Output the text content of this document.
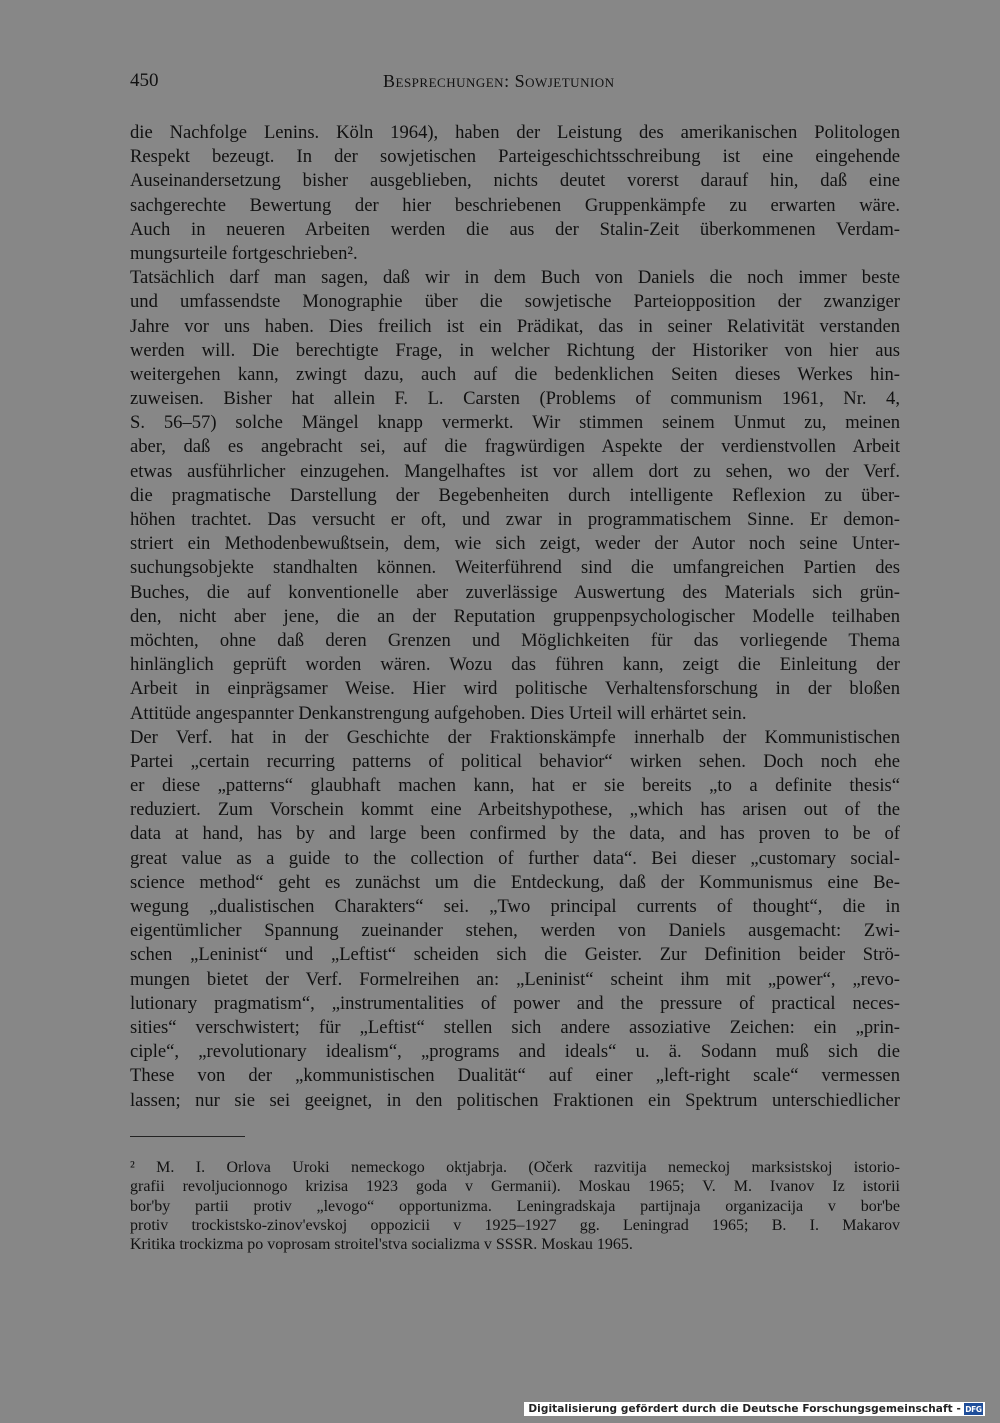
450	Besprechungen: Sowjetunion
die Nachfolge Lenins. Köln 1964), haben der Leistung des amerikanischen Politologen
Respekt bezeugt. In der sowjetischen Parteigeschichtsschreibung ist eine eingehende
Auseinandersetzung bisher ausgeblieben, nichts deutet vorerst darauf hin, daß eine
sachgerechte Bewertung der hier beschriebenen Gruppenkämpfe zu erwarten wäre.
Auch in neueren Arbeiten werden die aus der Stalin-Zeit überkommenen Verdam-
mungsurteile fortgeschrieben².
Tatsächlich darf man sagen, daß wir in dem Buch von Daniels die noch immer beste
und umfassendste Monographie über die sowjetische Parteiopposition der zwanziger
Jahre vor uns haben. Dies freilich ist ein Prädikat, das in seiner Relativität verstanden
werden will. Die berechtigte Frage, in welcher Richtung der Historiker von hier aus
weitergehen kann, zwingt dazu, auch auf die bedenklichen Seiten dieses Werkes hin-
zuweisen. Bisher hat allein F. L. Carsten (Problems of communism 1961, Nr. 4,
S. 56–57) solche Mängel knapp vermerkt. Wir stimmen seinem Unmut zu, meinen
aber, daß es angebracht sei, auf die fragwürdigen Aspekte der verdienstvollen Arbeit
etwas ausführlicher einzugehen. Mangelhaftes ist vor allem dort zu sehen, wo der Verf.
die pragmatische Darstellung der Begebenheiten durch intelligente Reflexion zu über-
höhen trachtet. Das versucht er oft, und zwar in programmatischem Sinne. Er demon-
striert ein Methodenbewußtsein, dem, wie sich zeigt, weder der Autor noch seine Unter-
suchungsobjekte standhalten können. Weiterführend sind die umfangreichen Partien des
Buches, die auf konventionelle aber zuverlässige Auswertung des Materials sich grün-
den, nicht aber jene, die an der Reputation gruppenpsychologischer Modelle teilhaben
möchten, ohne daß deren Grenzen und Möglichkeiten für das vorliegende Thema
hinlänglich geprüft worden wären. Wozu das führen kann, zeigt die Einleitung der
Arbeit in einprägsamer Weise. Hier wird politische Verhaltensforschung in der bloßen
Attitüde angespannter Denkanstrengung aufgehoben. Dies Urteil will erhärtet sein.
Der Verf. hat in der Geschichte der Fraktionskämpfe innerhalb der Kommunistischen
Partei „certain recurring patterns of political behavior“ wirken sehen. Doch noch ehe
er diese „patterns“ glaubhaft machen kann, hat er sie bereits „to a definite thesis“
reduziert. Zum Vorschein kommt eine Arbeitshypothese, „which has arisen out of the
data at hand, has by and large been confirmed by the data, and has proven to be of
great value as a guide to the collection of further data“. Bei dieser „customary social-
science method“ geht es zunächst um die Entdeckung, daß der Kommunismus eine Be-
wegung „dualistischen Charakters“ sei. „Two principal currents of thought“, die in
eigentümlicher Spannung zueinander stehen, werden von Daniels ausgemacht: Zwi-
schen „Leninist“ und „Leftist“ scheiden sich die Geister. Zur Definition beider Strö-
mungen bietet der Verf. Formelreihen an: „Leninist“ scheint ihm mit „power“, „revo-
lutionary pragmatism“, „instrumentalities of power and the pressure of practical neces-
sities“ verschwistert; für „Leftist“ stellen sich andere assoziative Zeichen: ein „prin-
ciple“, „revolutionary idealism“, „programs and ideals“ u. ä. Sodann muß sich die
These von der „kommunistischen Dualität“ auf einer „left-right scale“ vermessen
lassen; nur sie sei geeignet, in den politischen Fraktionen ein Spektrum unterschiedlicher
² M. I. Orlova Uroki nemeckogo oktjabrja. (Očerk razvitija nemeckoj marksistskoj istorio-
grafii revoljucionnogo krizisa 1923 goda v Germanii). Moskau 1965; V. M. Ivanov Iz istorii
bor'by partii protiv „levogo“ opportunizma. Leningradskaja partijnaja organizacija v bor'be
protiv trockistsko-zinov'evskoj oppozicii v 1925–1927 gg. Leningrad 1965; B. I. Makarov
Kritika trockizma po voprosam stroitel'stva socializma v SSSR. Moskau 1965.
Digitalisierung gefördert durch die Deutsche Forschungsgemeinschaft - DFG
